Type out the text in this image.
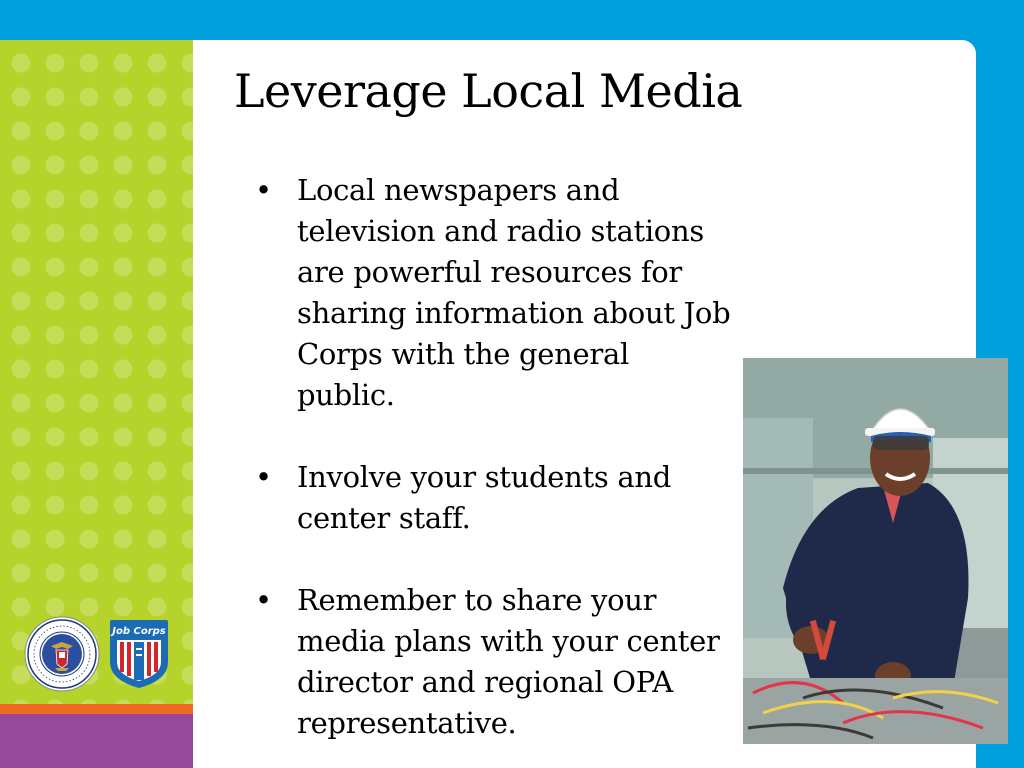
Leverage Local Media
• Local newspapers and television and radio stations are powerful resources for sharing information about Job Corps with the general public.
• Involve your students and center staff.
• Remember to share your media plans with your center director and regional OPA representative.
Job Corps
